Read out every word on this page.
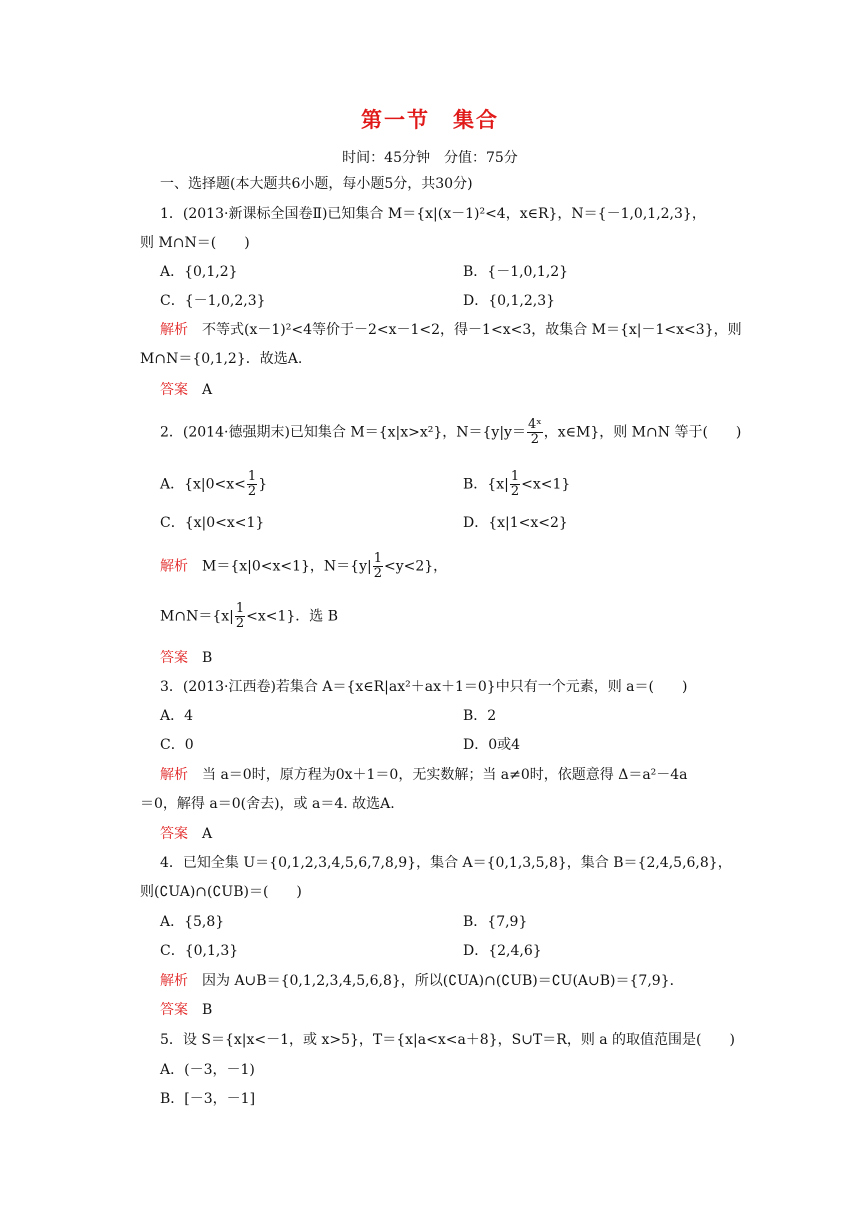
第一节　集合
时间：45分钟　分值：75分
一、选择题(本大题共6小题，每小题5分，共30分)
1．(2013·新课标全国卷Ⅱ)已知集合 M＝{x|(x－1)²<4，x∈R}，N＝{－1,0,1,2,3}，
则 M∩N＝(　　)
A．{0,1,2}	B．{－1,0,1,2}
C．{－1,0,2,3}	D．{0,1,2,3}
解析 不等式(x－1)²<4等价于－2<x－1<2，得－1<x<3，故集合 M＝{x|－1<x<3}，则
M∩N＝{0,1,2}．故选A.
答案 A
2．(2014·德强期末)已知集合 M＝{x|x>x²}，$N=\{y|y= \frac{\text{4ˣ}}{2}$ ，x∈M}，则 M∩N 等于(　　)
A．{$x|0<x< \frac{1}{2}$ }	B．$\{x| \frac{1}{2} <x<1\}$
C．{x|0<x<1}	D．{x|1<x<2}
解析 M＝{x|0<x<1}，$N=\{y| \frac{1}{2} <y<2\}$，
M∩N＝{x| $\frac{1}{2} <x<1$}．选 B
答案 B
3．(2013·江西卷)若集合 A＝{x∈R|ax²＋ax＋1＝0}中只有一个元素，则 a＝(　　)
A．4	B．2
C．0	D．0或4
解析 当 a＝0时，原方程为0x＋1＝0，无实数解；当 a≠0时，依题意得 Δ＝a²－4a
＝0，解得 a＝0(舍去)，或 a＝4. 故选A.
答案 A
4．已知全集 U＝{0,1,2,3,4,5,6,7,8,9}，集合 A＝{0,1,3,5,8}，集合 B＝{2,4,5,6,8}，
则(∁UA)∩(∁UB)＝(　　)
A．{5,8}	B．{7,9}
C．{0,1,3}	D．{2,4,6}
解析 因为 A∪B＝{0,1,2,3,4,5,6,8}，所以(∁UA)∩(∁UB)＝∁U(A∪B)＝{7,9}．
答案 B
5．设 S＝{x|x<－1，或 x>5}，T＝{x|a<x<a＋8}，S∪T＝R，则 a 的取值范围是(　　)
A．(－3，－1)
B．[－3，－1]
